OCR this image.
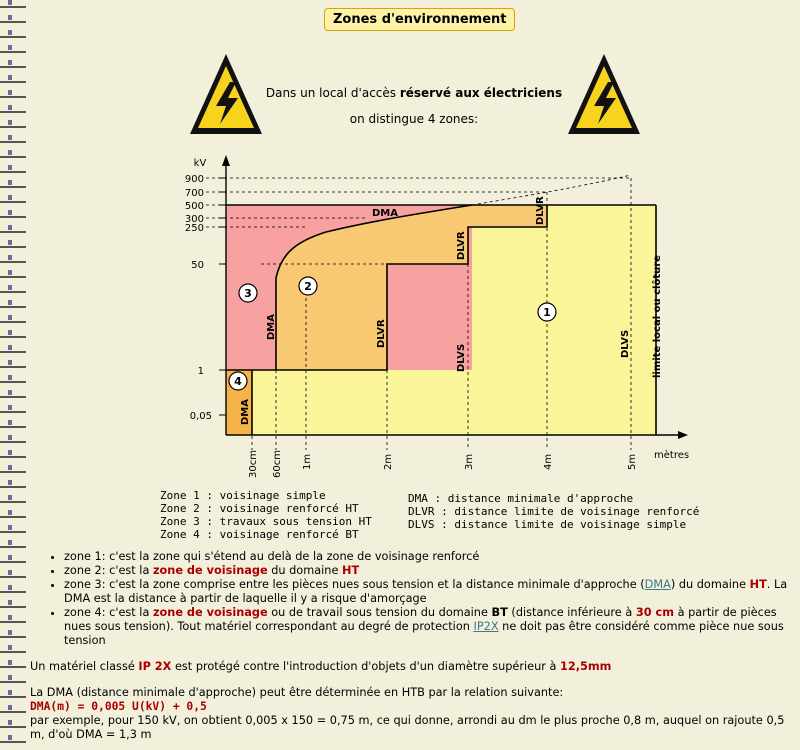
Zones d'environnement
Dans un local d'accès réservé aux électriciens
on distingue 4 zones:
kV
900
700
500
300
250
50
1
0,05
30cm 60cm 1m	2m	3m	4m	5m mètres
1
2
3
4
DMA
DMA
DMA	DLVR
DLVR
DLVR
DLVS	DLVS limite local ou clôture
Zone 1 : voisinage simple
Zone 2 : voisinage renforcé HT
Zone 3 : travaux sous tension HT
Zone 4 : voisinage renforcé BT
DMA : distance minimale d'approche
DLVR : distance limite de voisinage renforcé
DLVS : distance limite de voisinage simple
• zone 1: c'est la zone qui s'étend au delà de la zone de voisinage renforcé
• zone 2: c'est la zone de voisinage du domaine HT
• zone 3: c'est la zone comprise entre les pièces nues sous tension et la distance minimale d'approche (DMA) du domaine HT. La DMA est la distance à partir de laquelle il y a risque d'amorçage
• zone 4: c'est la zone de voisinage ou de travail sous tension du domaine BT (distance inférieure à 30 cm à partir de pièces nues sous tension). Tout matériel correspondant au degré de protection IP2X ne doit pas être considéré comme pièce nue sous tension
Un matériel classé IP 2X est protégé contre l'introduction d'objets d'un diamètre supérieur à 12,5mm
La DMA (distance minimale d'approche) peut être déterminée en HTB par la relation suivante:
DMA(m) = 0,005 U(kV) + 0,5
par exemple, pour 150 kV, on obtient 0,005 x 150 = 0,75 m, ce qui donne, arrondi au dm le plus proche 0,8 m, auquel on rajoute 0,5 m, d'où DMA = 1,3 m
